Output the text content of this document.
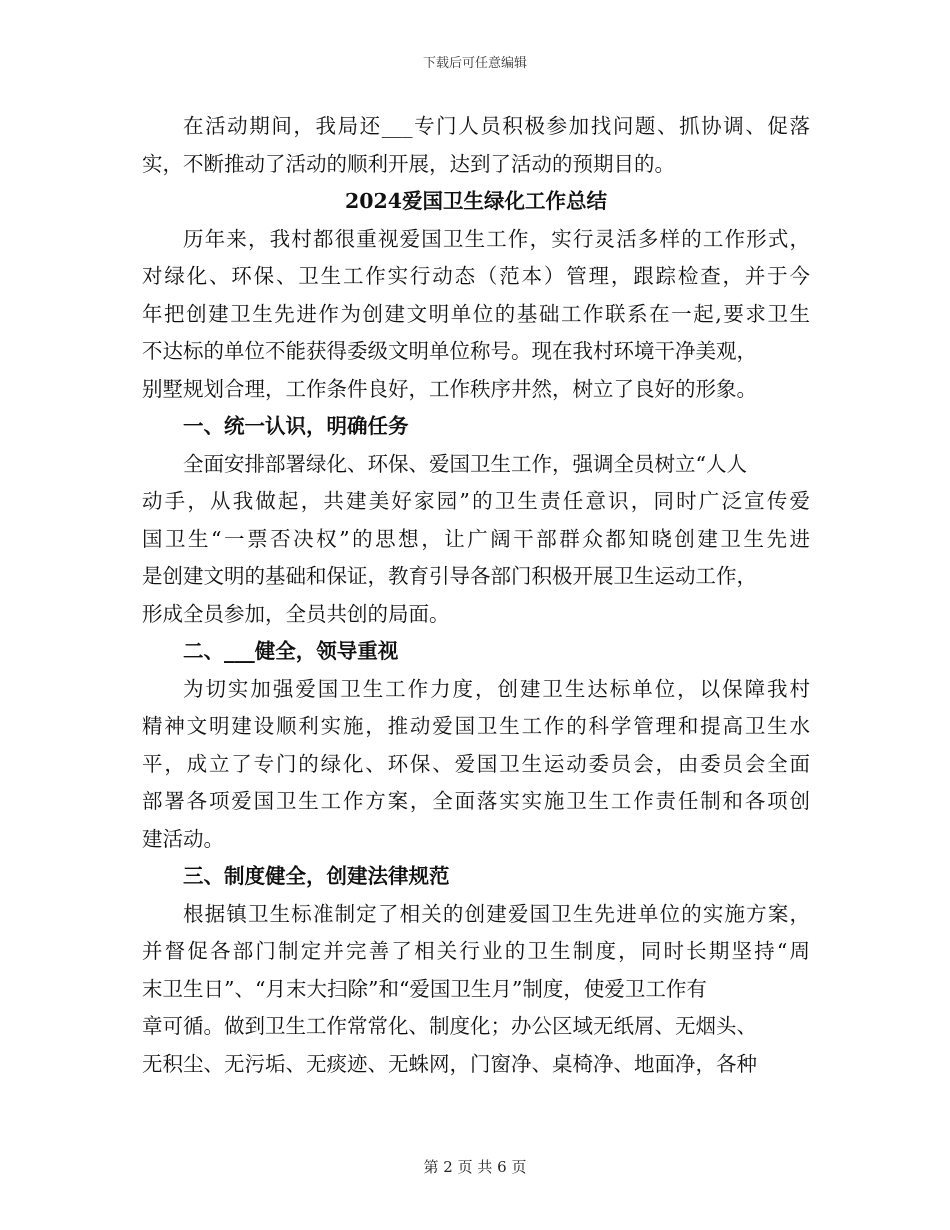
下载后可任意编辑
在活动期间，我局还___专门人员积极参加找问题、抓协调、促落
实，不断推动了活动的顺利开展，达到了活动的预期目的。
2024爱国卫生绿化工作总结
历年来，我村都很重视爱国卫生工作，实行灵活多样的工作形式，
对绿化、环保、卫生工作实行动态（范本）管理，跟踪检查，并于今
年把创建卫生先进作为创建文明单位的基础工作联系在一起,要求卫生
不达标的单位不能获得委级文明单位称号。现在我村环境干净美观，
别墅规划合理，工作条件良好，工作秩序井然，树立了良好的形象。
一、统一认识，明确任务
全面安排部署绿化、环保、爱国卫生工作，强调全员树立“人人
动手，从我做起，共建美好家园”的卫生责任意识，同时广泛宣传爱
国卫生“一票否决权”的思想，让广阔干部群众都知晓创建卫生先进
是创建文明的基础和保证，教育引导各部门积极开展卫生运动工作，
形成全员参加，全员共创的局面。
二、___健全，领导重视
为切实加强爱国卫生工作力度，创建卫生达标单位，以保障我村
精神文明建设顺利实施，推动爱国卫生工作的科学管理和提高卫生水
平，成立了专门的绿化、环保、爱国卫生运动委员会，由委员会全面
部署各项爱国卫生工作方案，全面落实实施卫生工作责任制和各项创
建活动。
三、制度健全，创建法律规范
根据镇卫生标准制定了相关的创建爱国卫生先进单位的实施方案，
并督促各部门制定并完善了相关行业的卫生制度，同时长期坚持“周
末卫生日”、“月末大扫除”和“爱国卫生月”制度，使爱卫工作有
章可循。做到卫生工作常常化、制度化；办公区域无纸屑、无烟头、
无积尘、无污垢、无痰迹、无蛛网，门窗净、桌椅净、地面净，各种
第 2 页 共 6 页
